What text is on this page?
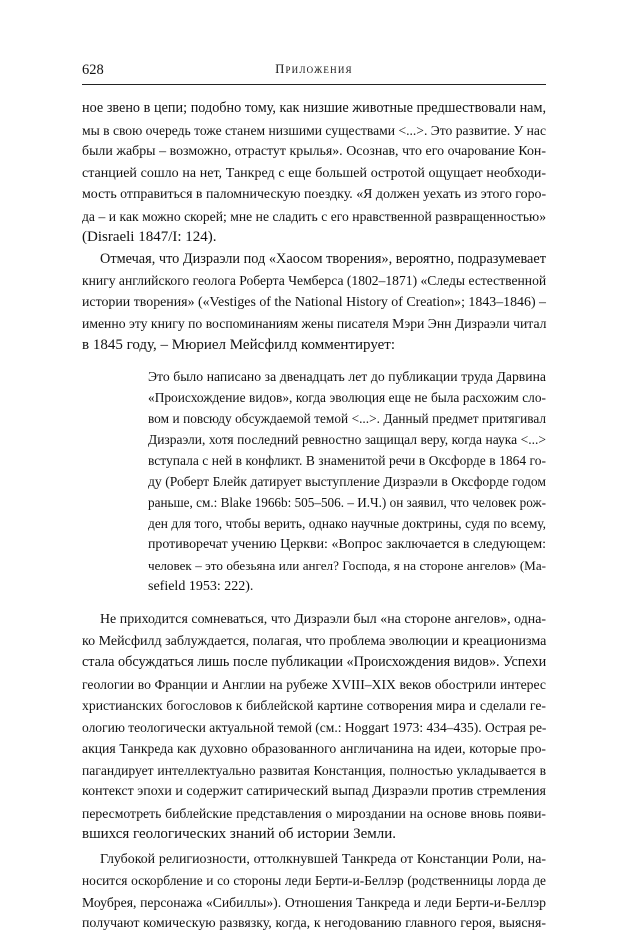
628	Приложения
ное звено в цепи; подобно тому, как низшие животные предшествовали нам,
мы в свою очередь тоже станем низшими существами <...>. Это развитие. У нас
были жабры – возможно, отрастут крылья». Осознав, что его очарование Кон-
станцией сошло на нет, Танкред с еще большей остротой ощущает необходи-
мость отправиться в паломническую поездку. «Я должен уехать из этого горо-
да – и как можно скорей; мне не сладить с его нравственной развращенностью»
(Disraeli 1847/I: 124).
Отмечая, что Дизраэли под «Хаосом творения», вероятно, подразумевает
книгу английского геолога Роберта Чемберса (1802–1871) «Следы естественной
истории творения» («Vestiges of the National History of Creation»; 1843–1846) –
именно эту книгу по воспоминаниям жены писателя Мэри Энн Дизраэли читал
в 1845 году, – Мюриел Мейсфилд комментирует:
Это было написано за двенадцать лет до публикации труда Дарвина
«Происхождение видов», когда эволюция еще не была расхожим сло-
вом и повсюду обсуждаемой темой <...>. Данный предмет притягивал
Дизраэли, хотя последний ревностно защищал веру, когда наука <...>
вступала с ней в конфликт. В знаменитой речи в Оксфорде в 1864 го-
ду (Роберт Блейк датирует выступление Дизраэли в Оксфорде годом
раньше, см.: Blake 1966b: 505–506. – И.Ч.) он заявил, что человек рож-
ден для того, чтобы верить, однако научные доктрины, судя по всему,
противоречат учению Церкви: «Вопрос заключается в следующем:
человек – это обезьяна или ангел? Господа, я на стороне ангелов» (Ma-
sefield 1953: 222).
Не приходится сомневаться, что Дизраэли был «на стороне ангелов», одна-
ко Мейсфилд заблуждается, полагая, что проблема эволюции и креационизма
стала обсуждаться лишь после публикации «Происхождения видов». Успехи
геологии во Франции и Англии на рубеже XVIII–XIX веков обострили интерес
христианских богословов к библейской картине сотворения мира и сделали ге-
ологию теологически актуальной темой (см.: Hoggart 1973: 434–435). Острая ре-
акция Танкреда как духовно образованного англичанина на идеи, которые про-
пагандирует интеллектуально развитая Констанция, полностью укладывается в
контекст эпохи и содержит сатирический выпад Дизраэли против стремления
пересмотреть библейские представления о мироздании на основе вновь появи-
вшихся геологических знаний об истории Земли.
Глубокой религиозности, оттолкнувшей Танкреда от Констанции Роли, на-
носится оскорбление и со стороны леди Берти-и-Беллэр (родственницы лорда де
Моубрея, персонажа «Сибиллы»). Отношения Танкреда и леди Берти-и-Беллэр
получают комическую развязку, когда, к негодованию главного героя, выясня-
